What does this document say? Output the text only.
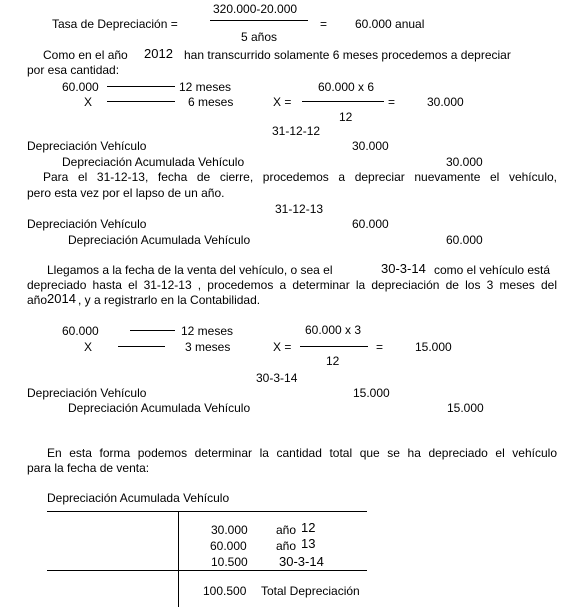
Tasa de Depreciación =
320.000-20.000
5 años
= 60.000 anual
Como en el año 2012 han transcurrido solamente 6 meses procedemos a depreciar
por esa cantidad:
60.000	12 meses
X	6 meses	X =
60.000 x 6
12
=	30.000
31-12-12
Depreciación Vehículo	30.000
Depreciación Acumulada Vehículo	30.000
Para el 31-12-13, fecha de cierre, procedemos a depreciar nuevamente el vehículo,
pero esta vez por el lapso de un año.
31-12-13
Depreciación Vehículo	60.000
Depreciación Acumulada Vehículo	60.000
Llegamos a la fecha de la venta del vehículo, o sea el	30-3-14 como el vehículo está
depreciado hasta el 31-12-13 , procedemos a determinar la depreciación de los 3 meses del
año 2014 , y a registrarlo en la Contabilidad.
60.000	12 meses
X	3 meses	X =
60.000 x 3
12
=	15.000
30-3-14
Depreciación Vehículo	15.000
Depreciación Acumulada Vehículo	15.000
En esta forma podemos determinar la cantidad total que se ha depreciado el vehículo
para la fecha de venta:
Depreciación Acumulada Vehículo
30.000 año 12
60.000 año 13
10.500 30-3-14
100.500 Total Depreciación
